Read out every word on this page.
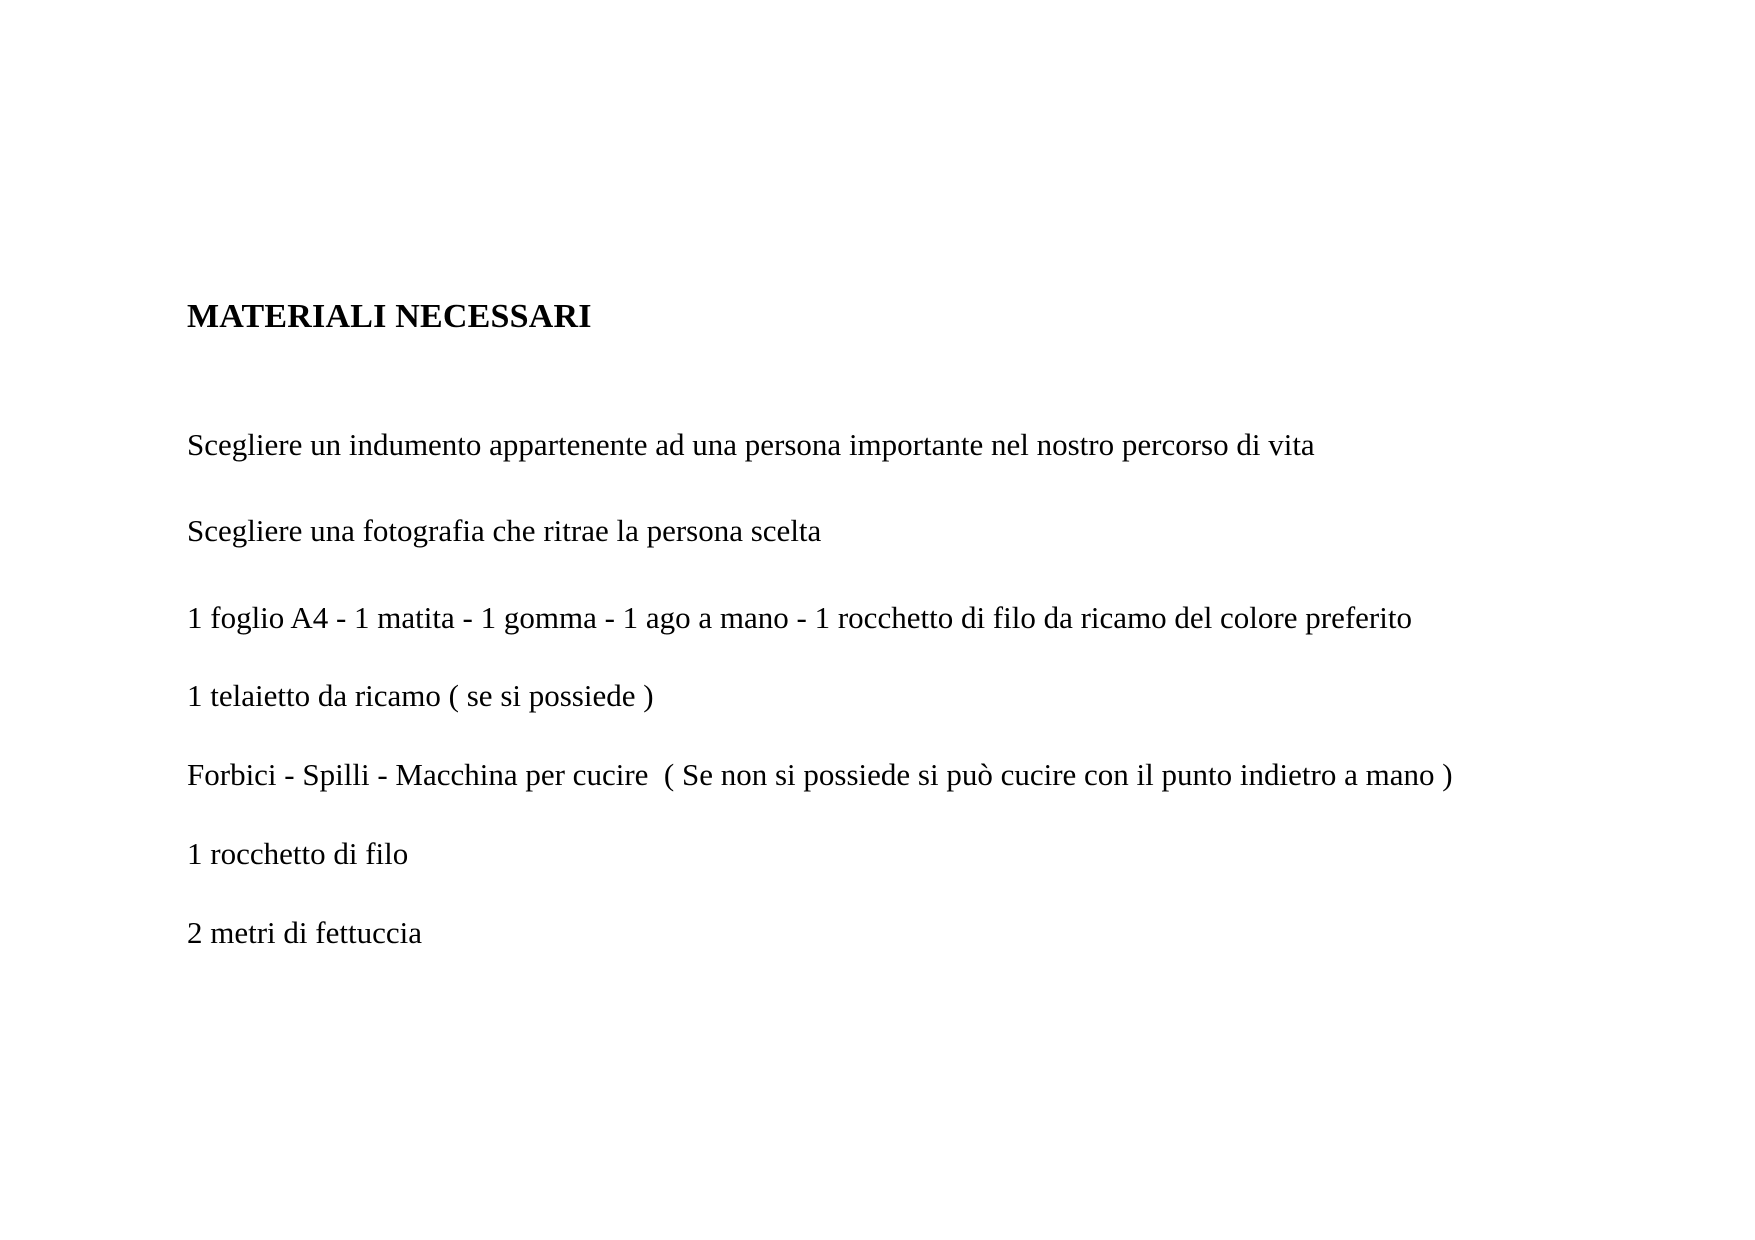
MATERIALI NECESSARI
Scegliere un indumento appartenente ad una persona importante nel nostro percorso di vita
Scegliere una fotografia che ritrae la persona scelta
1 foglio A4 - 1 matita - 1 gomma - 1 ago a mano - 1 rocchetto di filo da ricamo del colore preferito
1 telaietto da ricamo ( se si possiede )
Forbici - Spilli - Macchina per cucire  ( Se non si possiede si può cucire con il punto indietro a mano )
1 rocchetto di filo
2 metri di fettuccia
